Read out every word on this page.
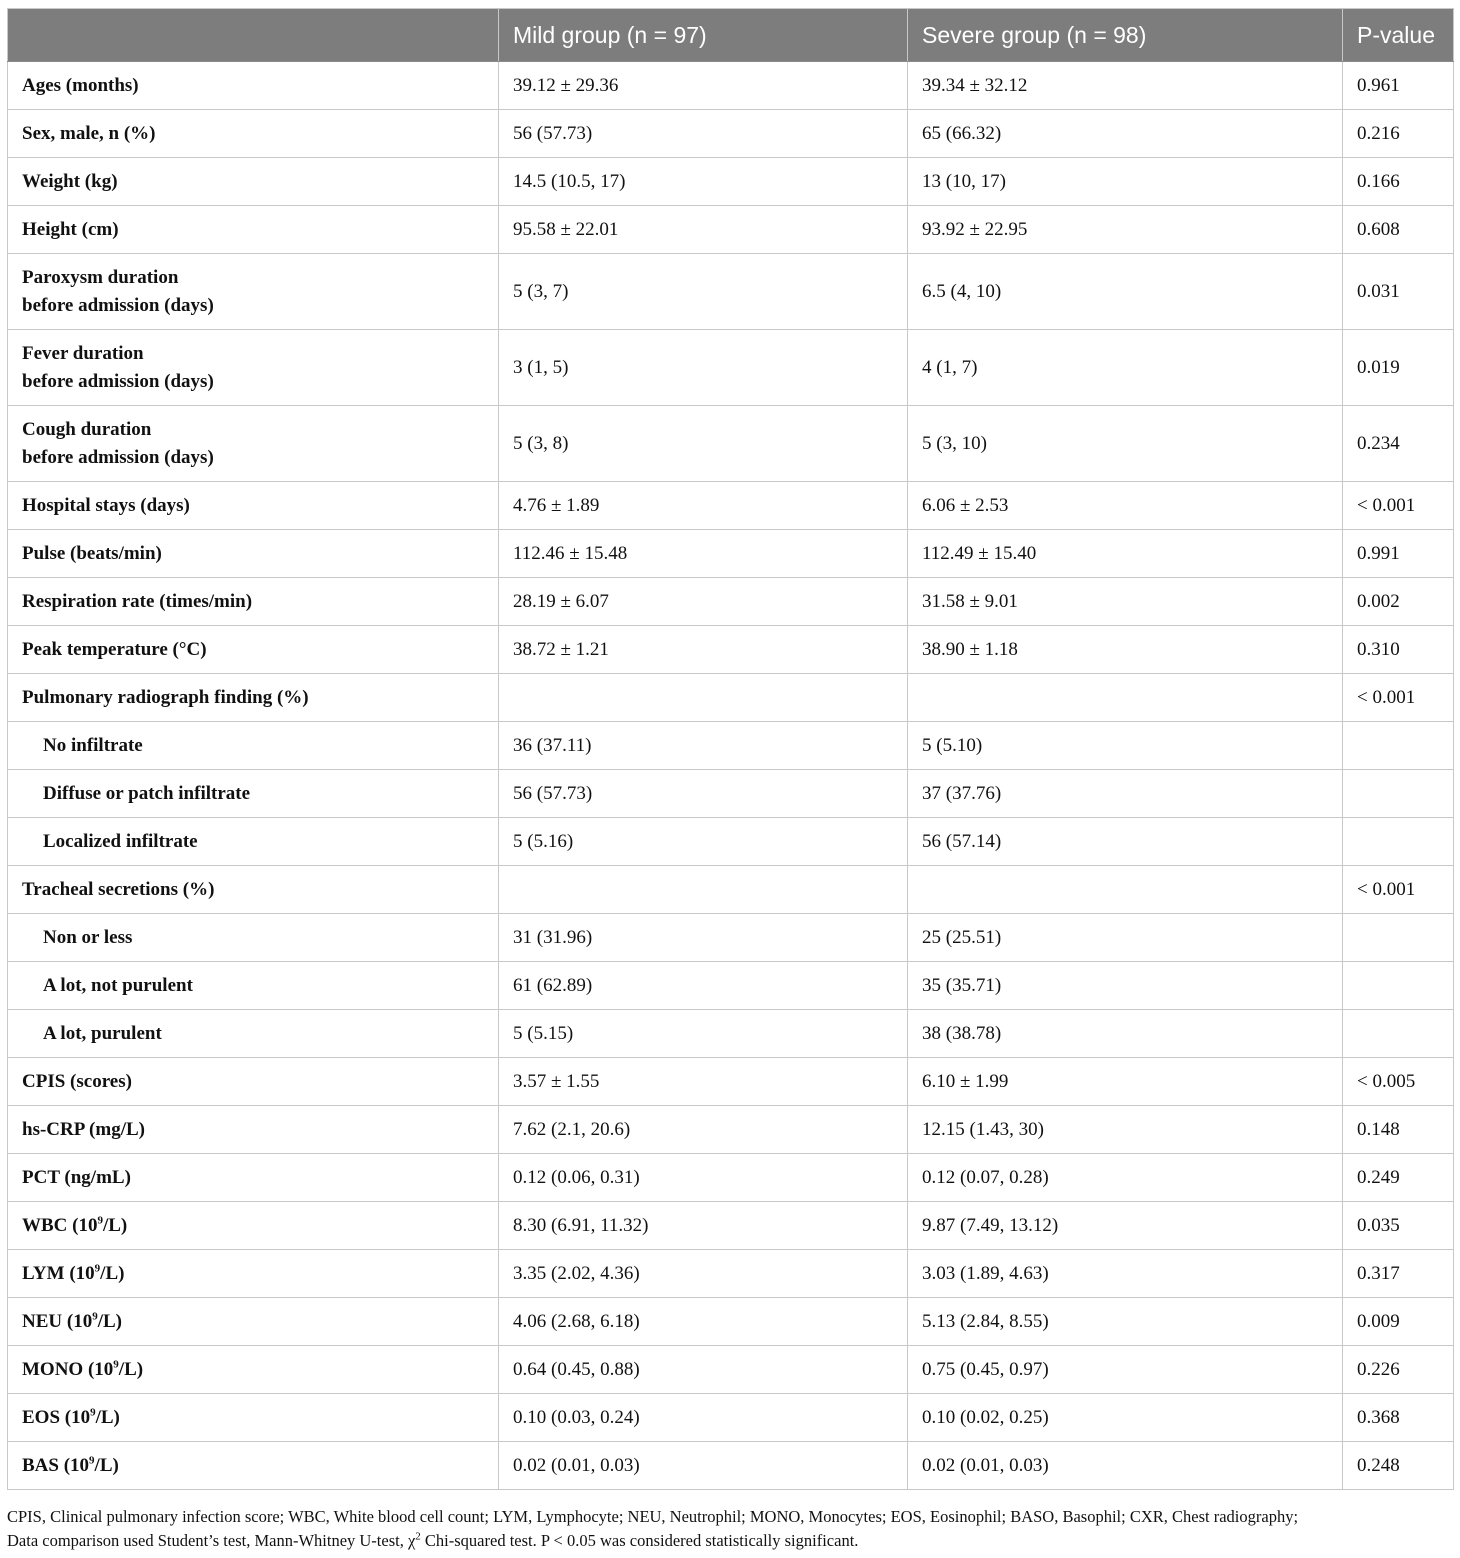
	Mild group (n = 97)	Severe group (n = 98)	P-value
Ages (months)	39.12 ± 29.36	39.34 ± 32.12	0.961
Sex, male, n (%)	56 (57.73)	65 (66.32)	0.216
Weight (kg)	14.5 (10.5, 17)	13 (10, 17)	0.166
Height (cm)	95.58 ± 22.01	93.92 ± 22.95	0.608

Paroxysm duration
before admission (days)	5 (3, 7)	6.5 (4, 10)	0.031

Fever duration
before admission (days)	3 (1, 5)	4 (1, 7)	0.019

Cough duration
before admission (days)	5 (3, 8)	5 (3, 10)	0.234
Hospital stays (days)	4.76 ± 1.89	6.06 ± 2.53	< 0.001
Pulse (beats/min)	112.46 ± 15.48	112.49 ± 15.40	0.991
Respiration rate (times/min)	28.19 ± 6.07	31.58 ± 9.01	0.002
Peak temperature (°C)	38.72 ± 1.21	38.90 ± 1.18	0.310
Pulmonary radiograph finding (%)			< 0.001
No infiltrate	36 (37.11)	5 (5.10)	
Diffuse or patch infiltrate	56 (57.73)	37 (37.76)	
Localized infiltrate	5 (5.16)	56 (57.14)	
Tracheal secretions (%)			< 0.001
Non or less	31 (31.96)	25 (25.51)	
A lot, not purulent	61 (62.89)	35 (35.71)	
A lot, purulent	5 (5.15)	38 (38.78)	
CPIS (scores)	3.57 ± 1.55	6.10 ± 1.99	< 0.005
hs-CRP (mg/L)	7.62 (2.1, 20.6)	12.15 (1.43, 30)	0.148
PCT (ng/mL)	0.12 (0.06, 0.31)	0.12 (0.07, 0.28)	0.249
WBC $(10^9/L)$	8.30 (6.91, 11.32)	9.87 (7.49, 13.12)	0.035
LYM $(10^9/L)$	3.35 (2.02, 4.36)	3.03 (1.89, 4.63)	0.317
NEU $(10^9/L)$	4.06 (2.68, 6.18)	5.13 (2.84, 8.55)	0.009
MONO $(10^9/L)$	0.64 (0.45, 0.88)	0.75 (0.45, 0.97)	0.226
EOS $(10^9/L)$	0.10 (0.03, 0.24)	0.10 (0.02, 0.25)	0.368
BAS $(10^9/L)$	0.02 (0.01, 0.03)	0.02 (0.01, 0.03)	0.248
CPIS, Clinical pulmonary infection score; WBC, White blood cell count; LYM, Lymphocyte; NEU, Neutrophil; MONO, Monocytes; EOS, Eosinophil; BASO, Basophil; CXR, Chest radiography;
Data comparison used Student’s test, Mann-Whitney U-test, $\chi^2$ Chi-squared test. P < 0.05 was considered statistically significant.
